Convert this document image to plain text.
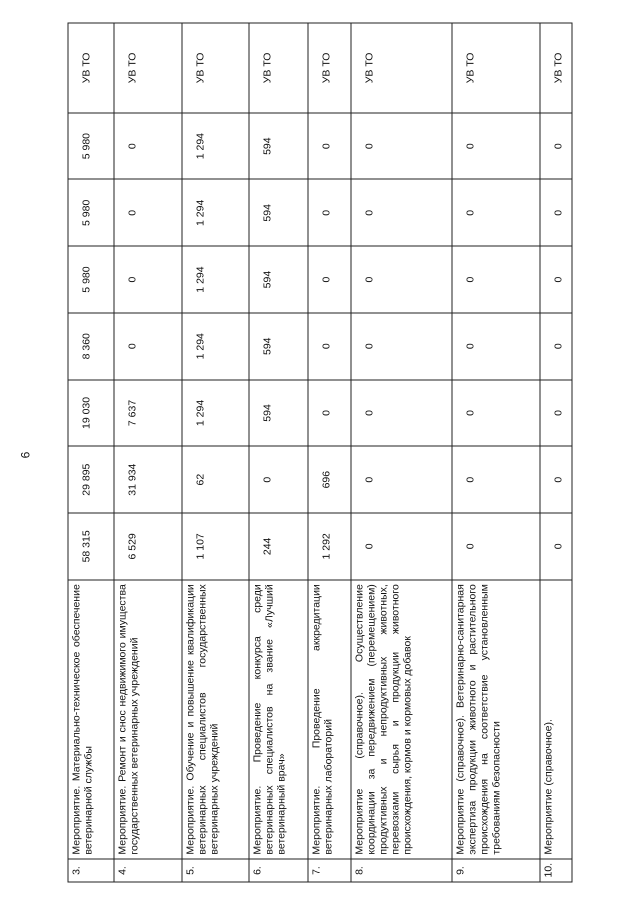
6
3.	Мероприятие. Материально-техническое обеспечение ветеринарной службы	58 315	29 895	19 030	8 360	5 980	5 980	5 980	УВ ТО
4.	Мероприятие. Ремонт и снос недвижимого имущества государственных ветеринарных учреждений	6 529	31 934	7 637	0	0	0	0	УВ ТО
5.	Мероприятие. Обучение и повышение квалификации ветеринарных специалистов государственных ветеринарных учреждений	1 107	62	1 294	1 294	1 294	1 294	1 294	УВ ТО
6.	Мероприятие. Проведение конкурса среди ветеринарных специалистов на звание «Лучший ветеринарный врач»	244	0	594	594	594	594	594	УВ ТО
7.	Мероприятие. Проведение аккредитации ветеринарных лабораторий	1 292	696	0	0	0	0	0	УВ ТО
8.	Мероприятие (справочное). Осуществление координации за передвижением (перемещением) продуктивных и непродуктивных животных, перевозками сырья и продукции животного происхождения, кормов и кормовых добавок	0	0	0	0	0	0	0	УВ ТО
9.	Мероприятие (справочное). Ветеринарно-санитарная экспертиза продукции животного и растительного происхождения на соответствие установленным требованиям безопасности	0	0	0	0	0	0	0	УВ ТО
10.	Мероприятие (справочное).	0	0	0	0	0	0	0	УВ ТО
